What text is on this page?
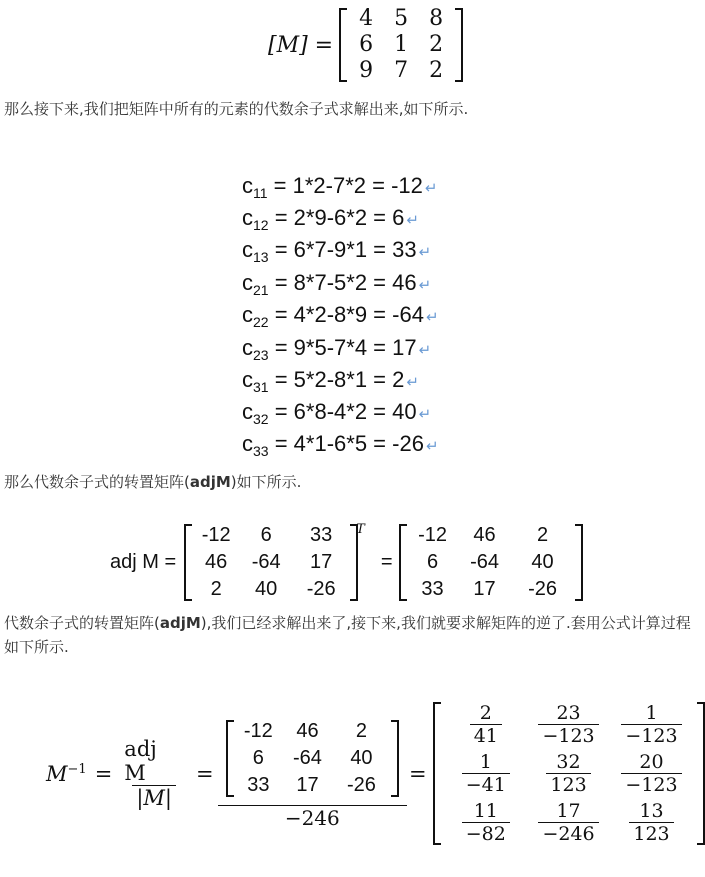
[M] =
4	5	8
6	1	2
9	7	2
那么接下来,我们把矩阵中所有的元素的代数余子式求解出来,如下所示.
$c_{11} = 1*2-7*2 = -12$ ↵
$c_{12} = 2*9-6*2 = 6$ ↵
$c_{13} = 6*7-9*1 = 33$ ↵
$c_{21} = 8*7-5*2 = 46$ ↵
$c_{22} = 4*2-8*9 = -64$ ↵
$c_{23} = 9*5-7*4 = 17$ ↵
$c_{31} = 5*2-8*1 = 2$ ↵
$c_{32} = 6*8-4*2 = 40$ ↵
$c_{33} = 4*1-6*5 = -26$ ↵
那么代数余子式的转置矩阵(adjM)如下所示.
adj M =
-12	6	33
46	-64	17
2	40	-26
T
=
-12	46	2
6	-64	40
33	17	-26
代数余子式的转置矩阵(adjM),我们已经求解出来了,接下来,我们就要求解矩阵的逆了.套用公式计算过程如下所示.
$M^{-1} = \frac{\text{adj M}}{|M|} = -12$	46	2
6	-64	40
33	17	-26
−246 =
$\frac{2}{41}$	$\frac{23}{-123}$	$\frac{1}{-123}$

$\frac{1}{-41}$	$\frac{32}{123}$	$\frac{20}{-123}$

$\frac{11}{-82}$	$\frac{17}{-246}$	$\frac{13}{123}$
